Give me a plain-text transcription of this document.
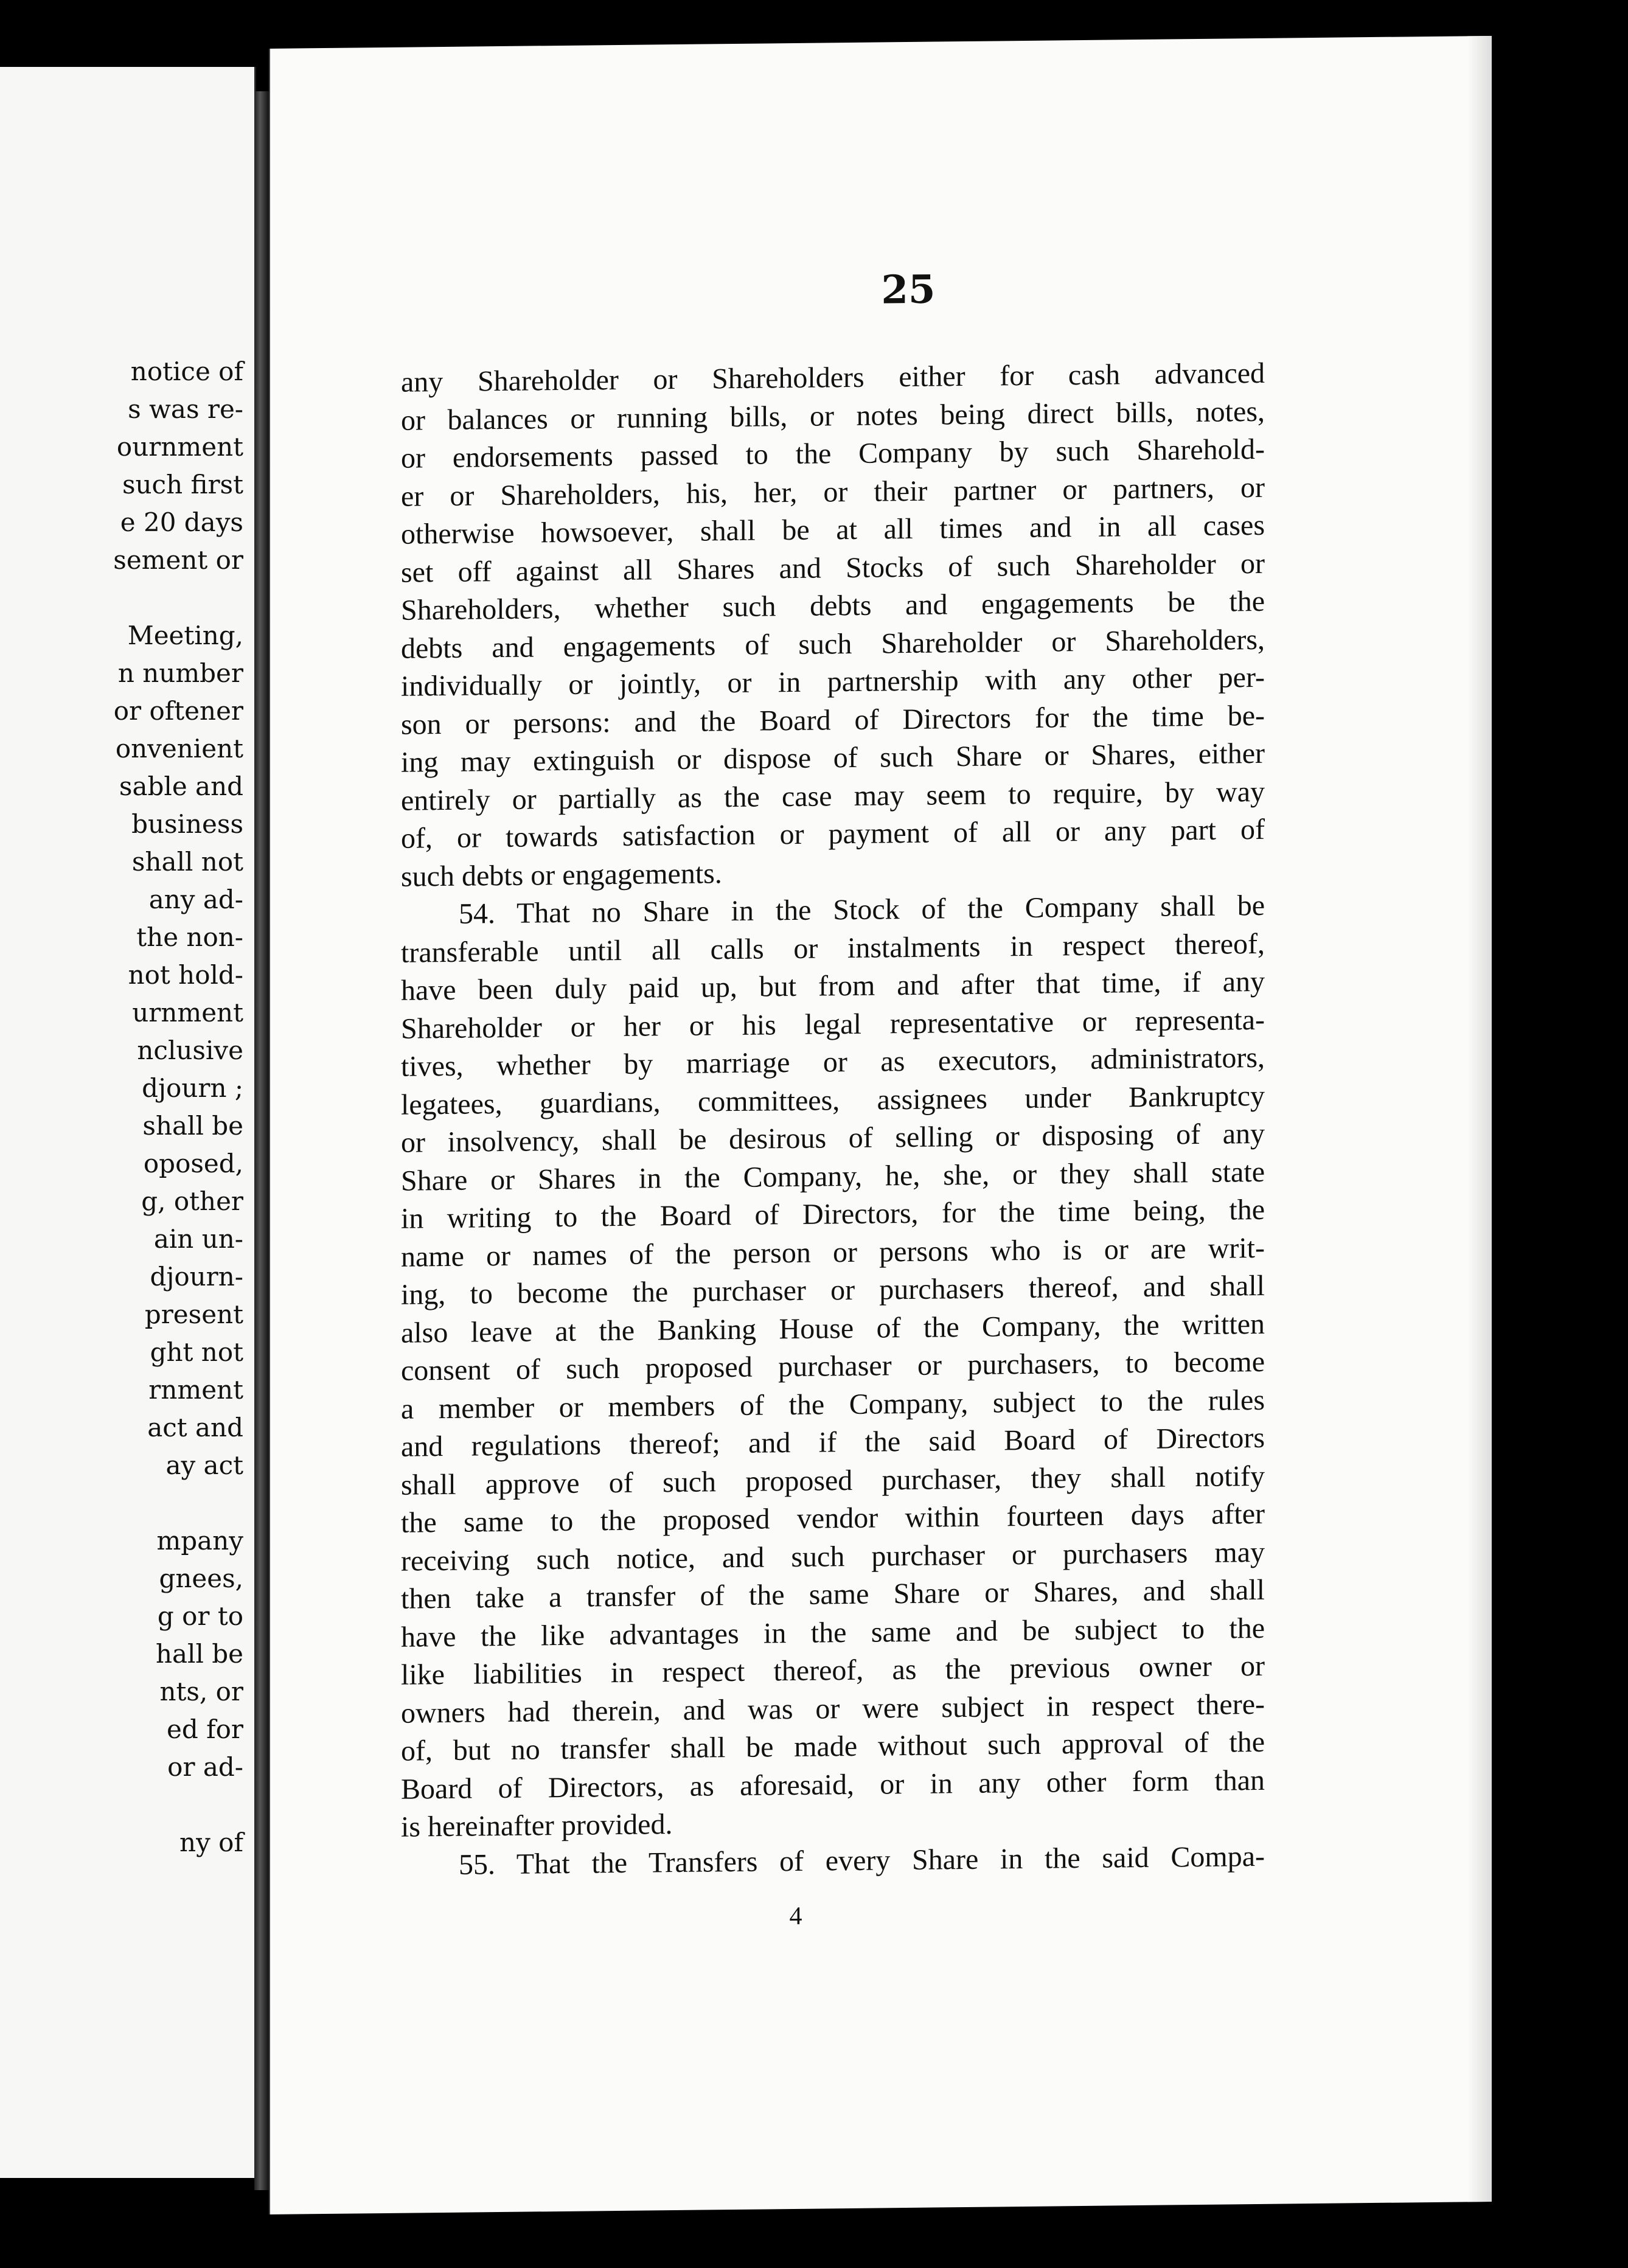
notice of
s was re-
ournment
such first
e 20 days
sement or
Meeting,
n number
or oftener
onvenient
sable and
business
shall not
any ad-
the non-
not hold-
urnment
nclusive
djourn ;
shall be
oposed,
g, other
ain un-
djourn-
present
ght not
rnment
act and
ay act
mpany
gnees,
g or to
hall be
nts, or
ed for
or ad-
ny of
25
any Shareholder or Shareholders either for cash advanced
or balances or running bills, or notes being direct bills, notes,
or endorsements passed to the Company by such Sharehold-
er or Shareholders, his, her, or their partner or partners, or
otherwise howsoever, shall be at all times and in all cases
set off against all Shares and Stocks of such Shareholder or
Shareholders, whether such debts and engagements be the
debts and engagements of such Shareholder or Shareholders,
individually or jointly, or in partnership with any other per-
son or persons: and the Board of Directors for the time be-
ing may extinguish or dispose of such Share or Shares, either
entirely or partially as the case may seem to require, by way
of, or towards satisfaction or payment of all or any part of
such debts or engagements.
54. That no Share in the Stock of the Company shall be
transferable until all calls or instalments in respect thereof,
have been duly paid up, but from and after that time, if any
Shareholder or her or his legal representative or representa-
tives, whether by marriage or as executors, administrators,
legatees, guardians, committees, assignees under Bankruptcy
or insolvency, shall be desirous of selling or disposing of any
Share or Shares in the Company, he, she, or they shall state
in writing to the Board of Directors, for the time being, the
name or names of the person or persons who is or are writ-
ing, to become the purchaser or purchasers thereof, and shall
also leave at the Banking House of the Company, the written
consent of such proposed purchaser or purchasers, to become
a member or members of the Company, subject to the rules
and regulations thereof; and if the said Board of Directors
shall approve of such proposed purchaser, they shall notify
the same to the proposed vendor within fourteen days after
receiving such notice, and such purchaser or purchasers may
then take a transfer of the same Share or Shares, and shall
have the like advantages in the same and be subject to the
like liabilities in respect thereof, as the previous owner or
owners had therein, and was or were subject in respect there-
of, but no transfer shall be made without such approval of the
Board of Directors, as aforesaid, or in any other form than
is hereinafter provided.
55. That the Transfers of every Share in the said Compa-
4
